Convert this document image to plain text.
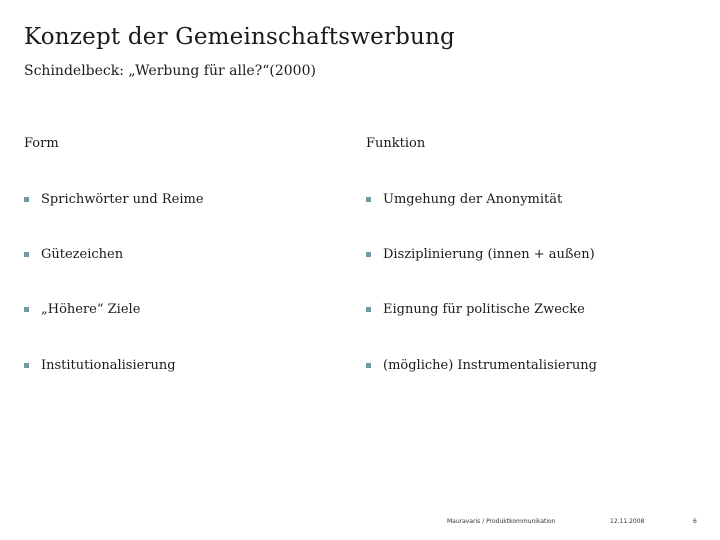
Konzept der Gemeinschaftswerbung
Schindelbeck: „Werbung für alle?“(2000)
Form	Funktion
Sprichwörter und Reime
Gütezeichen
„Höhere“ Ziele
Institutionalisierung
Umgehung der Anonymität
Disziplinierung (innen + außen)
Eignung für politische Zwecke
(mögliche) Instrumentalisierung
Mauravaris / Produktkommunikation	12.11.2008	6
